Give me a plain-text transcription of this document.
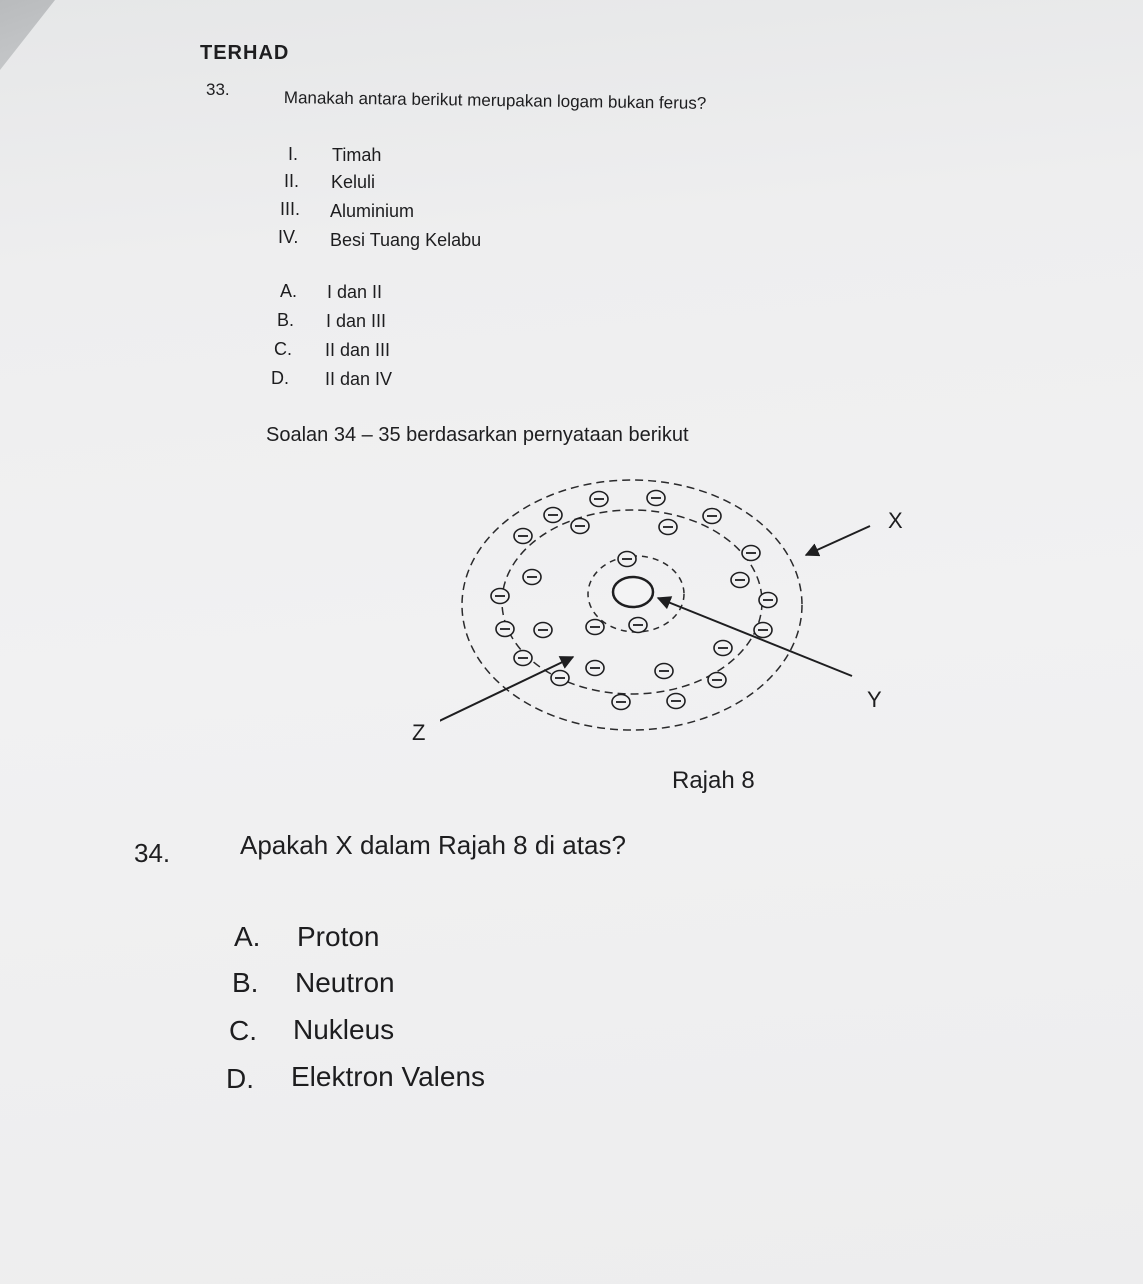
TERHAD
33.	Manakah antara berikut merupakan logam bukan ferus?
I. Timah
II. Keluli
III. Aluminium
IV. Besi Tuang Kelabu
A. I dan II
B. I dan III
C. II dan III
D. II dan IV
Soalan 34 – 35 berdasarkan pernyataan berikut
X
Y
Z
Rajah 8
34.	Apakah X dalam Rajah 8 di atas?
A. Proton
B. Neutron
C. Nukleus
D. Elektron Valens
